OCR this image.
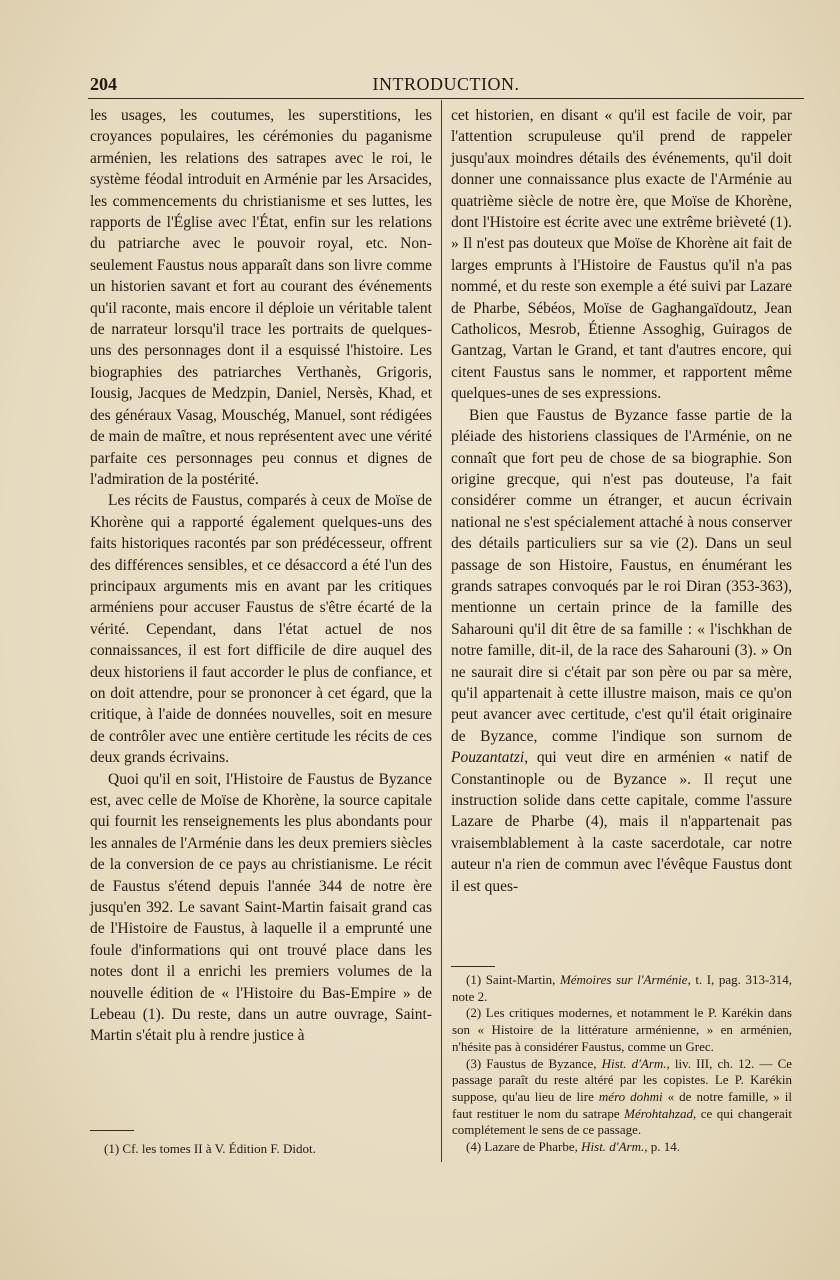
204	INTRODUCTION.

les usages, les coutumes, les superstitions, les croyances populaires, les cérémonies du paganisme arménien, les relations des satrapes avec le roi, le système féodal introduit en Arménie par les Arsacides, les commencements du christianisme et ses luttes, les rapports de l'Église avec l'État, enfin sur les relations du patriarche avec le pouvoir royal, etc. Non-seulement Faustus nous apparaît dans son livre comme un historien savant et fort au courant des événements qu'il raconte, mais encore il déploie un véritable talent de narrateur lorsqu'il trace les portraits de quelques-uns des personnages dont il a esquissé l'histoire. Les biographies des patriarches Verthanès, Grigoris, Iousig, Jacques de Medzpin, Daniel, Nersès, Khad, et des généraux Vasag, Mouschég, Manuel, sont rédigées de main de maître, et nous représentent avec une vérité parfaite ces personnages peu connus et dignes de l'admiration de la postérité.

Les récits de Faustus, comparés à ceux de Moïse de Khorène qui a rapporté également quelques-uns des faits historiques racontés par son prédécesseur, offrent des différences sensibles, et ce désaccord a été l'un des principaux arguments mis en avant par les critiques arméniens pour accuser Faustus de s'être écarté de la vérité. Cependant, dans l'état actuel de nos connaissances, il est fort difficile de dire auquel des deux historiens il faut accorder le plus de confiance, et on doit attendre, pour se prononcer à cet égard, que la critique, à l'aide de données nouvelles, soit en mesure de contrôler avec une entière certitude les récits de ces deux grands écrivains.

Quoi qu'il en soit, l'Histoire de Faustus de Byzance est, avec celle de Moïse de Khorène, la source capitale qui fournit les renseignements les plus abondants pour les annales de l'Arménie dans les deux premiers siècles de la conversion de ce pays au christianisme. Le récit de Faustus s'étend depuis l'année 344 de notre ère jusqu'en 392. Le savant Saint-Martin faisait grand cas de l'Histoire de Faustus, à laquelle il a emprunté une foule d'informations qui ont trouvé place dans les notes dont il a enrichi les premiers volumes de la nouvelle édition de « l'Histoire du Bas-Empire » de Lebeau (1). Du reste, dans un autre ouvrage, Saint-Martin s'était plu à rendre justice à

(1) Cf. les tomes II à V. Édition F. Didot.

cet historien, en disant « qu'il est facile de voir, par l'attention scrupuleuse qu'il prend de rappeler jusqu'aux moindres détails des événements, qu'il doit donner une connaissance plus exacte de l'Arménie au quatrième siècle de notre ère, que Moïse de Khorène, dont l'Histoire est écrite avec une extrême brièveté (1). » Il n'est pas douteux que Moïse de Khorène ait fait de larges emprunts à l'Histoire de Faustus qu'il n'a pas nommé, et du reste son exemple a été suivi par Lazare de Pharbe, Sébéos, Moïse de Gaghangaïdoutz, Jean Catholicos, Mesrob, Étienne Assoghig, Guiragos de Gantzag, Vartan le Grand, et tant d'autres encore, qui citent Faustus sans le nommer, et rapportent même quelques-unes de ses expressions.

Bien que Faustus de Byzance fasse partie de la pléiade des historiens classiques de l'Arménie, on ne connaît que fort peu de chose de sa biographie. Son origine grecque, qui n'est pas douteuse, l'a fait considérer comme un étranger, et aucun écrivain national ne s'est spécialement attaché à nous conserver des détails particuliers sur sa vie (2). Dans un seul passage de son Histoire, Faustus, en énumérant les grands satrapes convoqués par le roi Diran (353-363), mentionne un certain prince de la famille des Saharouni qu'il dit être de sa famille : « l'ischkhan de notre famille, dit-il, de la race des Saharouni (3). » On ne saurait dire si c'était par son père ou par sa mère, qu'il appartenait à cette illustre maison, mais ce qu'on peut avancer avec certitude, c'est qu'il était originaire de Byzance, comme l'indique son surnom de Pouzantatzi, qui veut dire en arménien « natif de Constantinople ou de Byzance ». Il reçut une instruction solide dans cette capitale, comme l'assure Lazare de Pharbe (4), mais il n'appartenait pas vraisemblablement à la caste sacerdotale, car notre auteur n'a rien de commun avec l'évêque Faustus dont il est ques-

(1) Saint-Martin, Mémoires sur l'Arménie, t. I, pag. 313-314, note 2.

(2) Les critiques modernes, et notamment le P. Karékin dans son « Histoire de la littérature arménienne, » en arménien, n'hésite pas à considérer Faustus, comme un Grec.

(3) Faustus de Byzance, Hist. d'Arm., liv. III, ch. 12. — Ce passage paraît du reste altéré par les copistes. Le P. Karékin suppose, qu'au lieu de lire méro dohmi « de notre famille, » il faut restituer le nom du satrape Mérohtahzad, ce qui changerait complétement le sens de ce passage.

(4) Lazare de Pharbe, Hist. d'Arm., p. 14.
